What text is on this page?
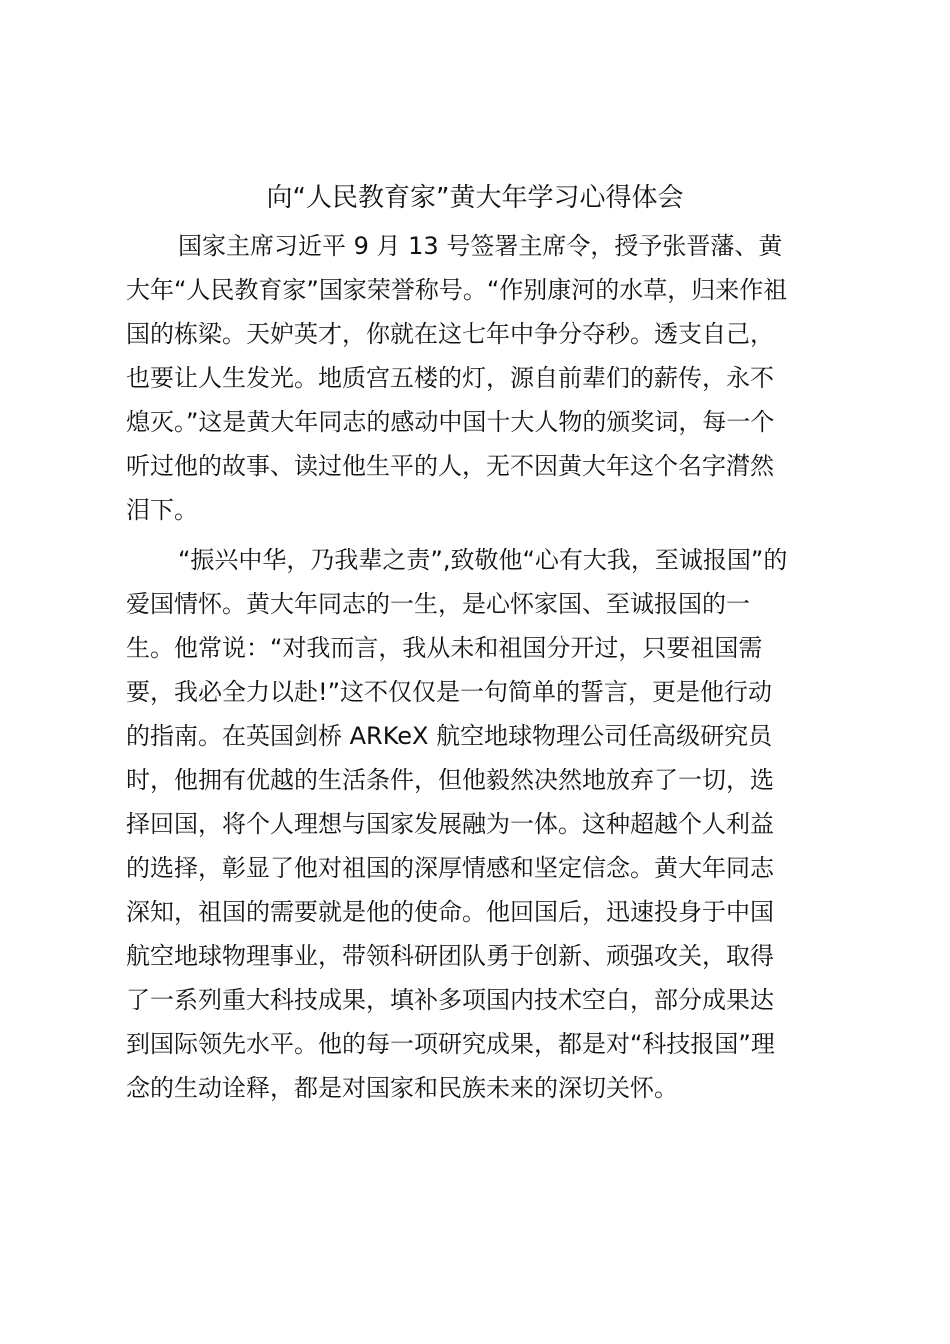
向“人民教育家”黄大年学习心得体会
国家主席习近平 9 月 13 号签署主席令，授予张晋藩、黄
大年“人民教育家”国家荣誉称号。“作别康河的水草，归来作祖
国的栋梁。天妒英才，你就在这七年中争分夺秒。透支自己，
也要让人生发光。地质宫五楼的灯，源自前辈们的薪传，永不
熄灭。”这是黄大年同志的感动中国十大人物的颁奖词，每一个
听过他的故事、读过他生平的人，无不因黄大年这个名字潸然
泪下。
“振兴中华，乃我辈之责”,致敬他“心有大我，至诚报国”的
爱国情怀。黄大年同志的一生，是心怀家国、至诚报国的一
生。他常说：“对我而言，我从未和祖国分开过，只要祖国需
要，我必全力以赴!”这不仅仅是一句简单的誓言，更是他行动
的指南。在英国剑桥 ARKeX 航空地球物理公司任高级研究员
时，他拥有优越的生活条件，但他毅然决然地放弃了一切，选
择回国，将个人理想与国家发展融为一体。这种超越个人利益
的选择，彰显了他对祖国的深厚情感和坚定信念。黄大年同志
深知，祖国的需要就是他的使命。他回国后，迅速投身于中国
航空地球物理事业，带领科研团队勇于创新、顽强攻关，取得
了一系列重大科技成果，填补多项国内技术空白，部分成果达
到国际领先水平。他的每一项研究成果，都是对“科技报国”理
念的生动诠释，都是对国家和民族未来的深切关怀。
